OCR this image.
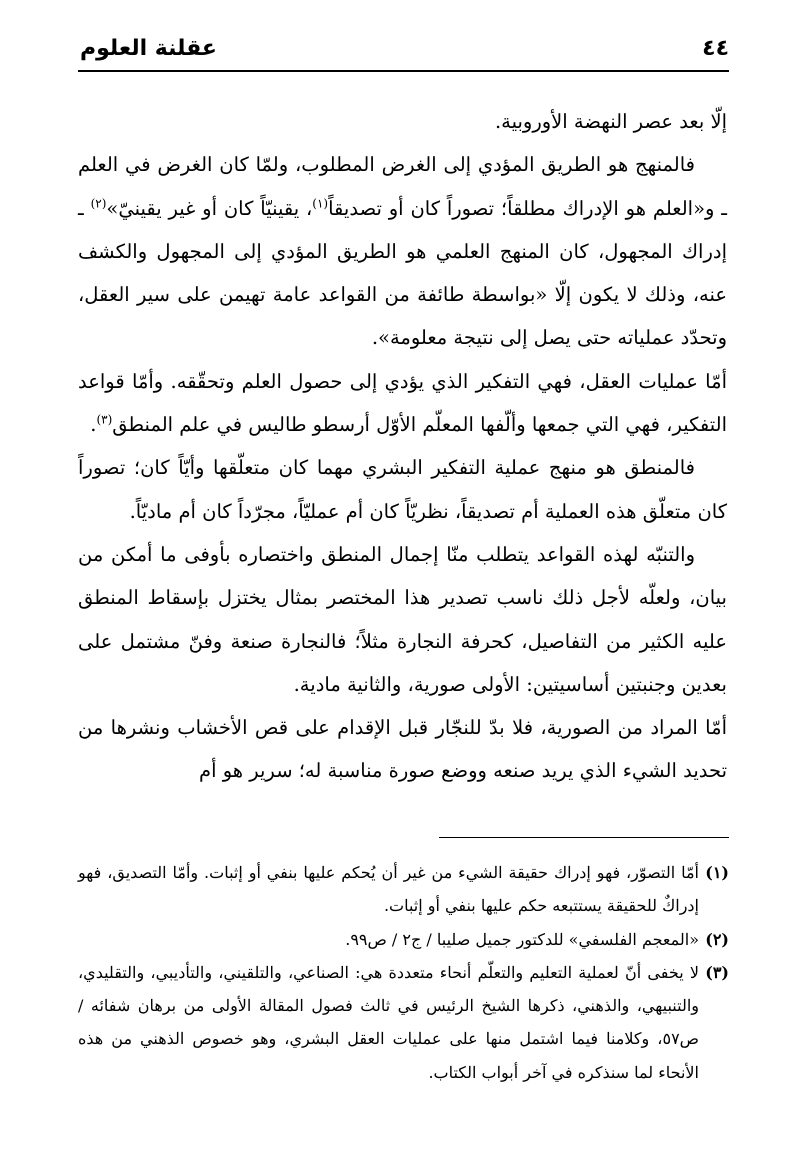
٤٤
عقلنة العلوم

إلّا بعد عصر النهضة الأوروبية.

فالمنهج هو الطريق المؤدي إلى الغرض المطلوب، ولمّا كان الغرض في العلم ـ و«العلم هو الإدراك مطلقاً؛ تصوراً كان أو تصديقاً$^{(١)}$، يقينيّاً كان أو غير يقينيّ»$^{(٢)}$ ـ إدراك المجهول، كان المنهج العلمي هو الطريق المؤدي إلى المجهول والكشف عنه، وذلك لا يكون إلّا «بواسطة طائفة من القواعد عامة تهيمن على سير العقل، وتحدّد عملياته حتى يصل إلى نتيجة معلومة».

أمّا عمليات العقل، فهي التفكير الذي يؤدي إلى حصول العلم وتحقّقه. وأمّا قواعد التفكير، فهي التي جمعها وألّفها المعلّم الأوّل أرسطو طاليس في علم المنطق$^{(٣)}$.

فالمنطق هو منهج عملية التفكير البشري مهما كان متعلّقها وأيّاً كان؛ تصوراً كان متعلّق هذه العملية أم تصديقاً، نظريّاً كان أم عمليّاً، مجرّداً كان أم ماديّاً.

والتنبّه لهذه القواعد يتطلب منّا إجمال المنطق واختصاره بأوفى ما أمكن من بيان، ولعلّه لأجل ذلك ناسب تصدير هذا المختصر بمثال يختزل بإسقاط المنطق عليه الكثير من التفاصيل، كحرفة النجارة مثلاً؛ فالنجارة صنعة وفنّ مشتمل على بعدين وجنبتين أساسيتين: الأولى صورية، والثانية مادية.

أمّا المراد من الصورية، فلا بدّ للنجّار قبل الإقدام على قص الأخشاب ونشرها من تحديد الشيء الذي يريد صنعه ووضع صورة مناسبة له؛ سرير هو أم

(١)
أمّا التصوّر، فهو إدراك حقيقة الشيء من غير أن يُحكم عليها بنفي أو إثبات. وأمّا التصديق، فهو إدراكٌ للحقيقة يستتبعه حكم عليها بنفي أو إثبات.
(٢)
«المعجم الفلسفي» للدكتور جميل صليبا / ج٢ / ص٩٩.
(٣)
لا يخفى أنّ لعملية التعليم والتعلّم أنحاء متعددة هي: الصناعي، والتلقيني، والتأديبي، والتقليدي، والتنبيهي، والذهني، ذكرها الشيخ الرئيس في ثالث فصول المقالة الأولى من برهان شفائه / ص٥٧، وكلامنا فيما اشتمل منها على عمليات العقل البشري، وهو خصوص الذهني من هذه الأنحاء لما سنذكره في آخر أبواب الكتاب.
